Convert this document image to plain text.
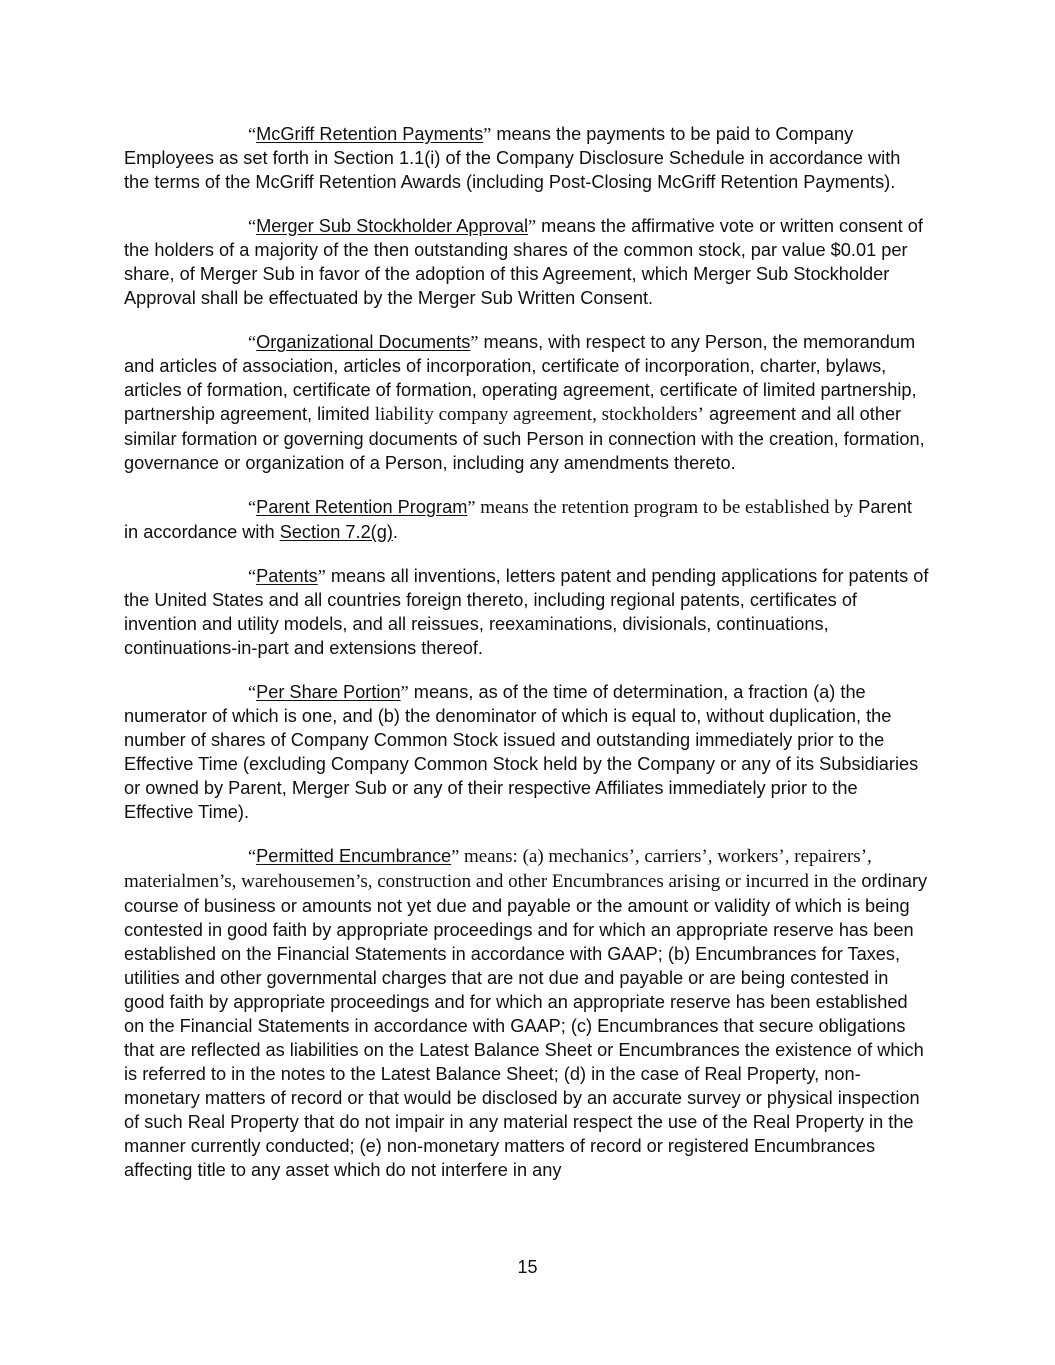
“McGriff Retention Payments” means the payments to be paid to Company Employees as set forth in Section 1.1(i) of the Company Disclosure Schedule in accordance with the terms of the McGriff Retention Awards (including Post-Closing McGriff Retention Payments).

“Merger Sub Stockholder Approval” means the affirmative vote or written consent of the holders of a majority of the then outstanding shares of the common stock, par value $0.01 per share, of Merger Sub in favor of the adoption of this Agreement, which Merger Sub Stockholder Approval shall be effectuated by the Merger Sub Written Consent.

“Organizational Documents” means, with respect to any Person, the memorandum and articles of association, articles of incorporation, certificate of incorporation, charter, bylaws, articles of formation, certificate of formation, operating agreement, certificate of limited partnership, partnership agreement, limited liability company agreement, stockholders’ agreement and all other similar formation or governing documents of such Person in connection with the creation, formation, governance or organization of a Person, including any amendments thereto.

“Parent Retention Program” means the retention program to be established by Parent in accordance with Section 7.2(g).

“Patents” means all inventions, letters patent and pending applications for patents of the United States and all countries foreign thereto, including regional patents, certificates of invention and utility models, and all reissues, reexaminations, divisionals, continuations, continuations-in-part and extensions thereof.

“Per Share Portion” means, as of the time of determination, a fraction (a) the numerator of which is one, and (b) the denominator of which is equal to, without duplication, the number of shares of Company Common Stock issued and outstanding immediately prior to the Effective Time (excluding Company Common Stock held by the Company or any of its Subsidiaries or owned by Parent, Merger Sub or any of their respective Affiliates immediately prior to the Effective Time).

“Permitted Encumbrance” means: (a) mechanics’, carriers’, workers’, repairers’, materialmen’s, warehousemen’s, construction and other Encumbrances arising or incurred in the ordinary course of business or amounts not yet due and payable or the amount or validity of which is being contested in good faith by appropriate proceedings and for which an appropriate reserve has been established on the Financial Statements in accordance with GAAP; (b) Encumbrances for Taxes, utilities and other governmental charges that are not due and payable or are being contested in good faith by appropriate proceedings and for which an appropriate reserve has been established on the Financial Statements in accordance with GAAP; (c) Encumbrances that secure obligations that are reflected as liabilities on the Latest Balance Sheet or Encumbrances the existence of which is referred to in the notes to the Latest Balance Sheet; (d) in the case of Real Property, non-monetary matters of record or that would be disclosed by an accurate survey or physical inspection of such Real Property that do not impair in any material respect the use of the Real Property in the manner currently conducted; (e) non-monetary matters of record or registered Encumbrances affecting title to any asset which do not interfere in any

15
